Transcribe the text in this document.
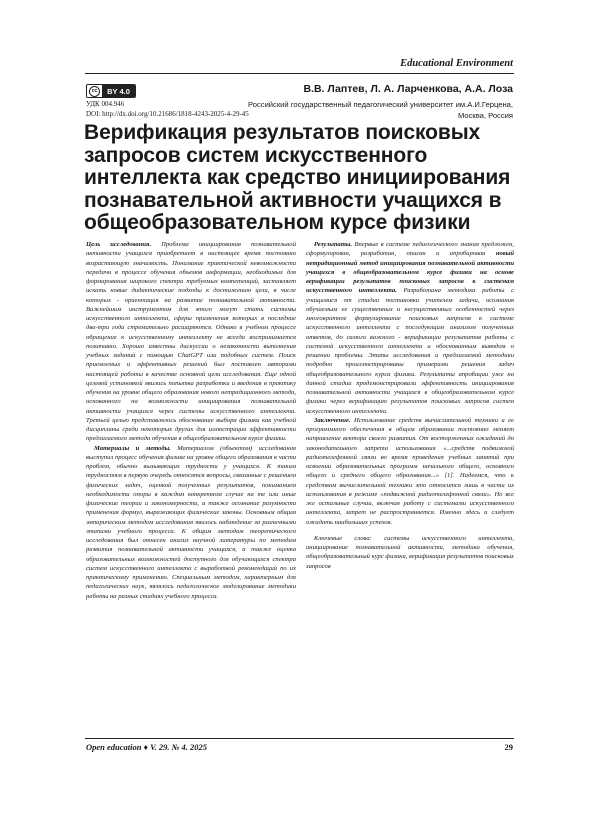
Educational Environment
cc	BY 4.0
УДК 004.946
DOI: http://dx.doi.org/10.21686/1818-4243-2025-4-29-45
В.В. Лаптев, Л. А. Ларченкова, А.А. Лоза
Российский государственный педагогический университет им.А.И.Герцена, Москва, Россия
Верификация результатов поисковых запросов систем искусственного интеллекта как средство инициирования познавательной активности учащихся в общеобразовательном курсе физики

Цель исследования. Проблема инициирования познавательной активности учащихся приобретает в настоящее время постоянно возрастающую значимость. Понимание практической невозможности передачи в процессе обучения объемов информации, необходимых для формирования широкого спектра требуемых компетенций, заставляет искать новые дидактические подходы к достижению цели, в числе которых - ориентация на развитие познавательной активности. Важнейшим инструментом для этого могут стать системы искусственного интеллекта, сферы применения которых в последние два-три года стремительно расширяются. Однако в учебном процессе обращение к искусственному интеллекту не всегда воспринимается позитивно. Хорошо известны дискуссии о незаконности выполнения учебных заданий с помощью ChatGPT или подобных систем. Поиск приемлемых и эффективных решений был поставлен авторами настоящей работы в качестве основной цели исследования. Еще одной целевой установкой явилась попытка разработки и введения в практику обучения на уровне общего образования нового нетрадиционного метода, основанного на возможности инициирования познавательной активности учащихся через системы искусственного интеллекта. Третьей целью представлялось обоснование выбора физики как учебной дисциплины среди некоторых других для иллюстрации эффективности предлагаемого метода обучения в общеобразовательном курсе физики.

Материалы и методы. Материалом (объектом) исследования выступил процесс обучения физике на уровне общего образования в части проблем, обычно вызывающих трудности у учащихся. К таким трудностям в первую очередь относятся вопросы, связанные с решением физических задач, оценкой полученных результатов, пониманием необходимости опоры в каждом конкретном случае на те или иные физические теории и закономерности, а также осознание разумности применения формул, выражающих физические законы. Основным общим эмпирическим методом исследования явилось наблюдение за различными этапами учебного процесса. К общим методам теоретического исследования был отнесен анализ научной литературы по методам развития познавательной активности учащихся, а также оценка образовательных возможностей доступного для обучающихся спектра систем искусственного интеллекта с выработкой рекомендаций по их практическому применению. Специальным методом, характерным для педагогических наук, являлось педагогическое моделирование методики работы на разных стадиях учебного процесса.

Результаты. Впервые в системе педагогического знания предложен, сформулирован, разработан, описан и апробирован новый нетрадиционный метод инициирования познавательной активности учащихся в общеобразовательном курсе физики на основе верификации результатов поисковых запросов к системам искусственного интеллекта. Разработана методика работы с учащимися от стадии постановки учителем задачи, осознания обучаемым ее существенных и несущественных особенностей через многократное формулирование поисковых запросов к системе искусственного интеллекта с последующим анализом полученных ответов, до самого важного - верификации результатов работы с системой искусственного интеллекта и обоснованным выводом о решении проблемы. Этапы исследования и предлагаемой методики подробно проиллюстрированы примерами решения задач общеобразовательного курса физики. Результаты апробации уже на данной стадии продемонстрировали эффективность инициирования познавательной активности учащихся в общеобразовательном курсе физики через верификацию результатов поисковых запросов систем искусственного интеллекта.

Заключение. Использование средств вычислительной техники и ее программного обеспечения в общем образовании постоянно меняет направление вектора своего развития. От восторженных ожиданий до законодательного запрета использования «...средств подвижной радиотелефонной связи во время проведения учебных занятий при освоении образовательных программ начального общего, основного общего и среднего общего образования...» [1]. Надеемся, что к средствам вычислительной техники это относится лишь в части их использования в режиме «подвижной радиотелефонной связи». Но все же остальные случаи, включая работу с системами искусственного интеллекта, запрет не распространяется. Именно здесь и следует ожидать наибольших успехов.

Ключевые слова: системы искусственного интеллекта, инициирование познавательной активности, методика обучения, общеобразовательный курс физики, верификация результатов поисковых запросов

Open education ♦ V. 29. № 4. 2025	29
